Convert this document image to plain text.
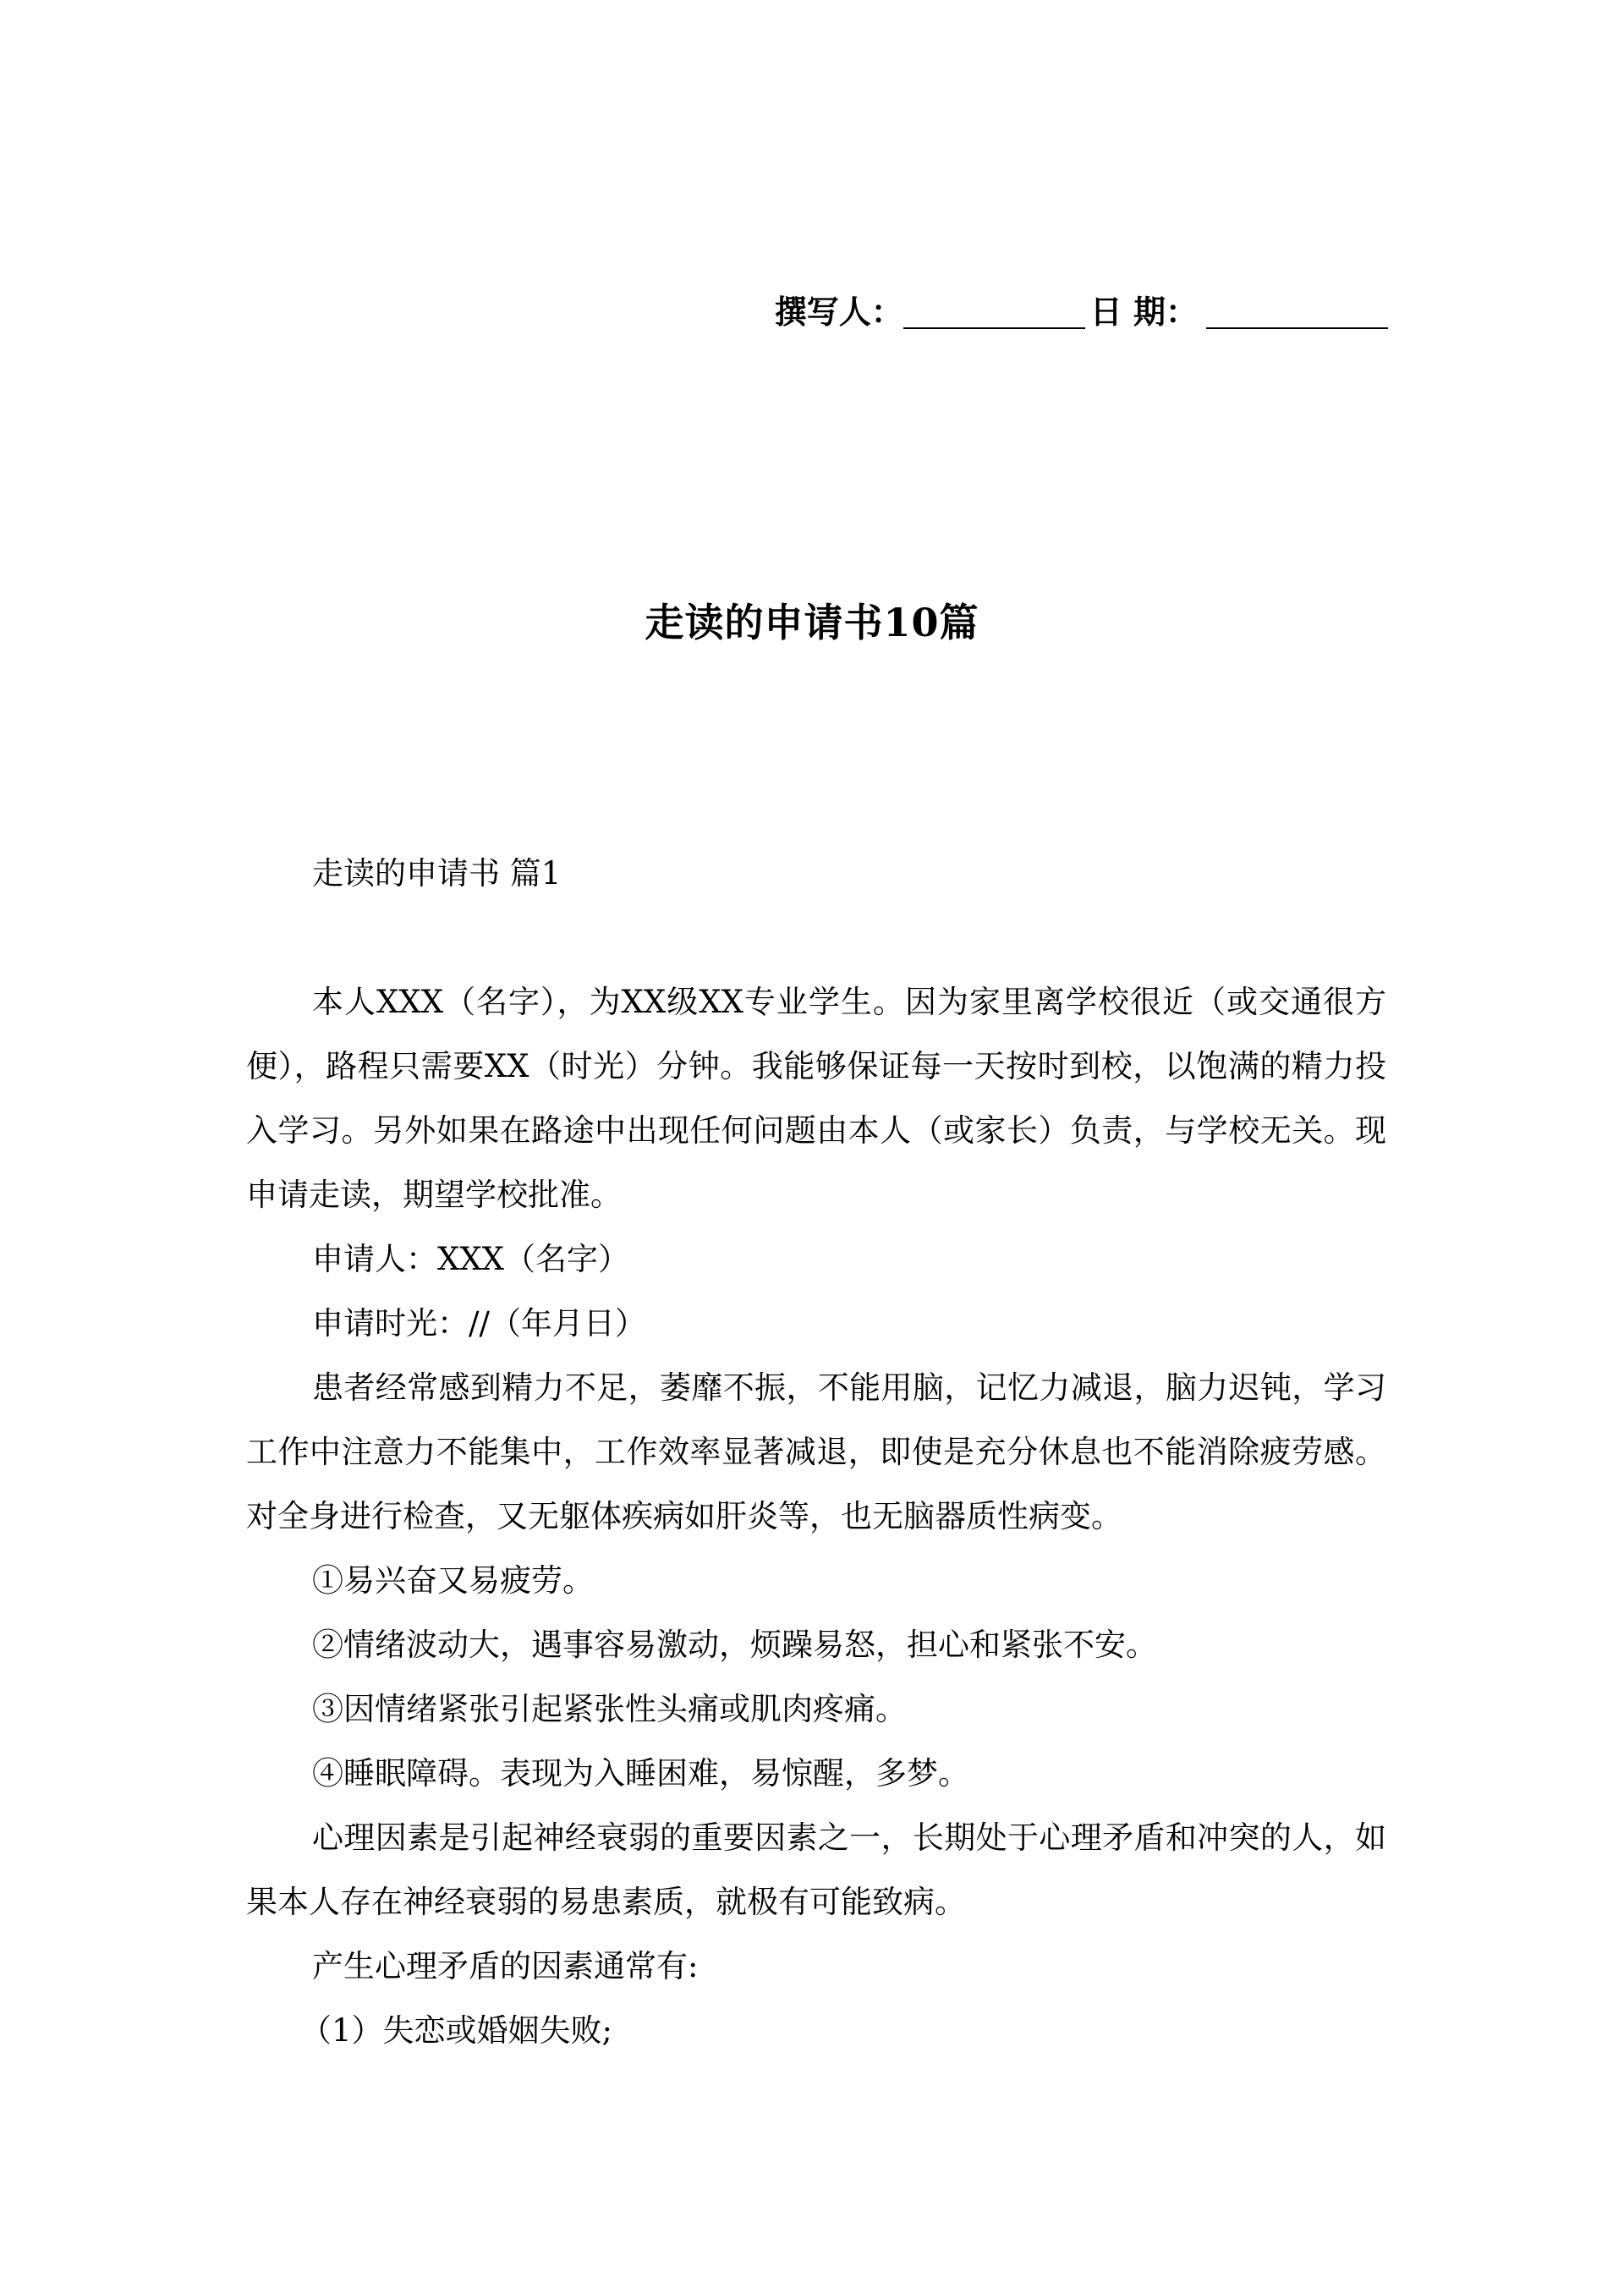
撰写人：	日 期：
走读的申请书10篇

走读的申请书 篇1

本人XXX（名字），为XX级XX专业学生。因为家里离学校很近（或交通很方便），路程只需要XX（时光）分钟。我能够保证每一天按时到校，以饱满的精力投入学习。另外如果在路途中出现任何问题由本人（或家长）负责，与学校无关。现申请走读，期望学校批准。

申请人：XXX（名字）

申请时光：//（年月日）

患者经常感到精力不足，萎靡不振，不能用脑，记忆力减退，脑力迟钝，学习工作中注意力不能集中，工作效率显著减退，即使是充分休息也不能消除疲劳感。对全身进行检查，又无躯体疾病如肝炎等，也无脑器质性病变。

①易兴奋又易疲劳。

②情绪波动大，遇事容易激动，烦躁易怒，担心和紧张不安。

③因情绪紧张引起紧张性头痛或肌肉疼痛。

④睡眠障碍。表现为入睡困难，易惊醒，多梦。

心理因素是引起神经衰弱的重要因素之一，长期处于心理矛盾和冲突的人，如果本人存在神经衰弱的易患素质，就极有可能致病。

产生心理矛盾的因素通常有:

（1）失恋或婚姻失败;
